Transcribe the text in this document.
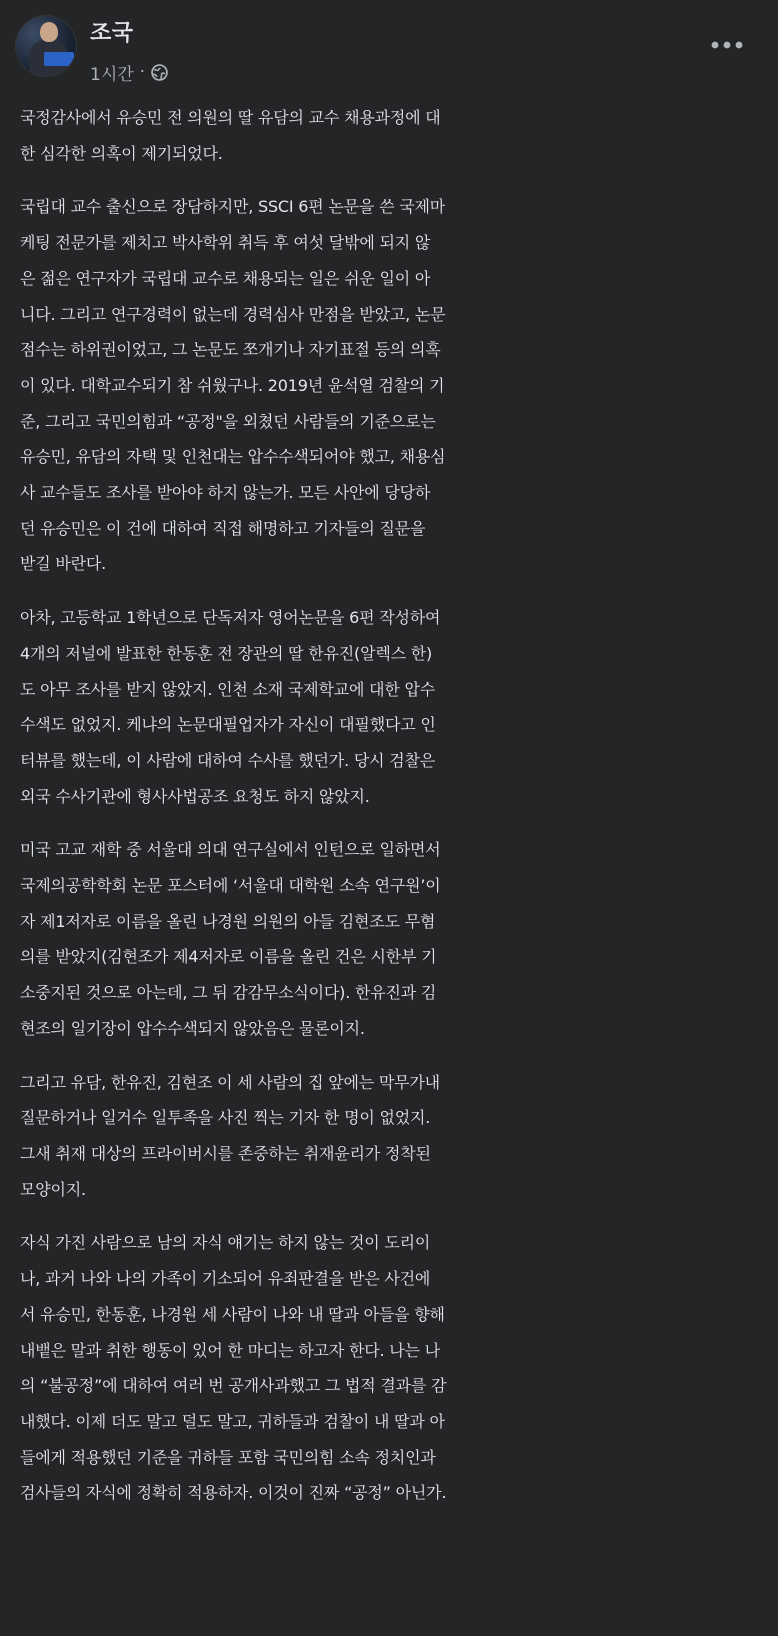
조국
1시간 ·
국정감사에서 유승민 전 의원의 딸 유담의 교수 채용과정에 대
한 심각한 의혹이 제기되었다.
국립대 교수 출신으로 장담하지만, SSCI 6편 논문을 쓴 국제마
케팅 전문가를 제치고 박사학위 취득 후 여섯 달밖에 되지 않
은 젊은 연구자가 국립대 교수로 채용되는 일은 쉬운 일이 아
니다. 그리고 연구경력이 없는데 경력심사 만점을 받았고, 논문
점수는 하위권이었고, 그 논문도 쪼개기나 자기표절 등의 의혹
이 있다. 대학교수되기 참 쉬웠구나. 2019년 윤석열 검찰의 기
준, 그리고 국민의힘과 “공정"을 외쳤던 사람들의 기준으로는
유승민, 유담의 자택 및 인천대는 압수수색되어야 했고, 채용심
사 교수들도 조사를 받아야 하지 않는가. 모든 사안에 당당하
던 유승민은 이 건에 대하여 직접 해명하고 기자들의 질문을
받길 바란다.
아차, 고등학교 1학년으로 단독저자 영어논문을 6편 작성하여
4개의 저널에 발표한 한동훈 전 장관의 딸 한유진(알렉스 한)
도 아무 조사를 받지 않았지. 인천 소재 국제학교에 대한 압수
수색도 없었지. 케냐의 논문대필업자가 자신이 대필했다고 인
터뷰를 했는데, 이 사람에 대하여 수사를 했던가. 당시 검찰은
외국 수사기관에 형사사법공조 요청도 하지 않았지.
미국 고교 재학 중 서울대 의대 연구실에서 인턴으로 일하면서
국제의공학학회 논문 포스터에 ‘서울대 대학원 소속 연구원’이
자 제1저자로 이름을 올린 나경원 의원의 아들 김현조도 무혐
의를 받았지(김현조가 제4저자로 이름을 올린 건은 시한부 기
소중지된 것으로 아는데, 그 뒤 감감무소식이다). 한유진과 김
현조의 일기장이 압수수색되지 않았음은 물론이지.
그리고 유담, 한유진, 김현조 이 세 사람의 집 앞에는 막무가내
질문하거나 일거수 일투족을 사진 찍는 기자 한 명이 없었지.
그새 취재 대상의 프라이버시를 존중하는 취재윤리가 정착된
모양이지.
자식 가진 사람으로 남의 자식 얘기는 하지 않는 것이 도리이
나, 과거 나와 나의 가족이 기소되어 유죄판결을 받은 사건에
서 유승민, 한동훈, 나경원 세 사람이 나와 내 딸과 아들을 향해
내뱉은 말과 취한 행동이 있어 한 마디는 하고자 한다. 나는 나
의 “불공정”에 대하여 여러 번 공개사과했고 그 법적 결과를 감
내했다. 이제 더도 말고 덜도 말고, 귀하들과 검찰이 내 딸과 아
들에게 적용했던 기준을 귀하들 포함 국민의힘 소속 정치인과
검사들의 자식에 정확히 적용하자. 이것이 진짜 “공정” 아닌가.
